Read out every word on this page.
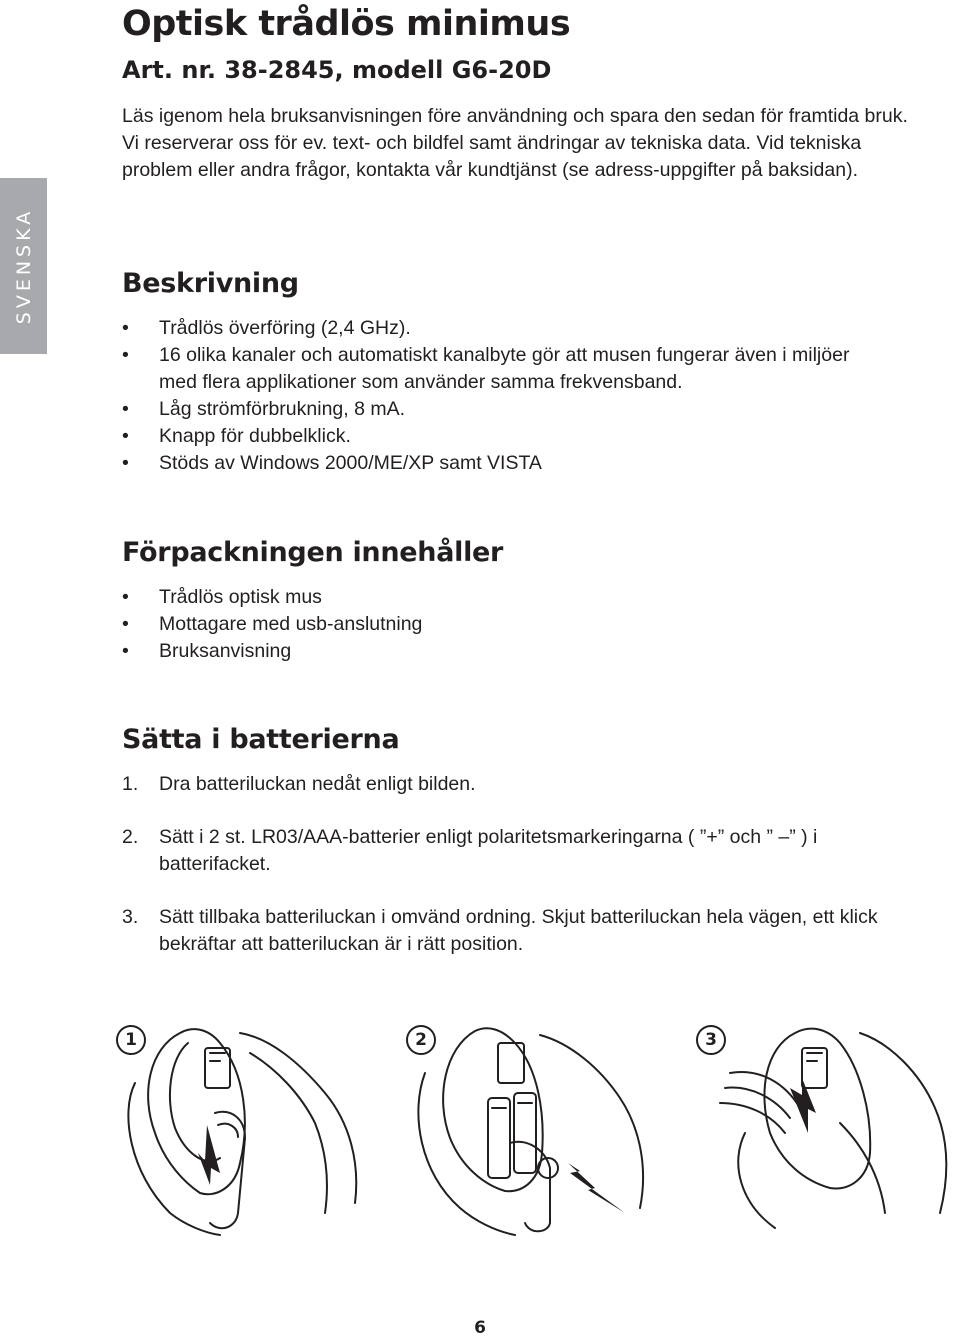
SVENSKA
Optisk trådlös minimus

Art. nr. 38-2845, modell G6-20D

Läs igenom hela bruksanvisningen före användning och spara den sedan för framtida bruk. Vi reserverar oss för ev. text- och bildfel samt ändringar av tekniska data. Vid tekniska problem eller andra frågor, kontakta vår kundtjänst (se adress-uppgifter på baksidan).

Beskrivning
• Trådlös överföring (2,4 GHz).
• 16 olika kanaler och automatiskt kanalbyte gör att musen fungerar även i miljöer med flera applikationer som använder samma frekvensband.
• Låg strömförbrukning, 8 mA.
• Knapp för dubbelklick.
• Stöds av Windows 2000/ME/XP samt VISTA
Förpackningen innehåller
• Trådlös optisk mus
• Mottagare med usb-anslutning
• Bruksanvisning
Sätta i batterierna
1. Dra batteriluckan nedåt enligt bilden.
2. Sätt i 2 st. LR03/AAA-batterier enligt polaritetsmarkeringarna ( ”+” och ” –” ) i batterifacket.
3. Sätt tillbaka batteriluckan i omvänd ordning. Skjut batteriluckan hela vägen, ett klick bekräftar att batteriluckan är i rätt position.
1	2	3
6
